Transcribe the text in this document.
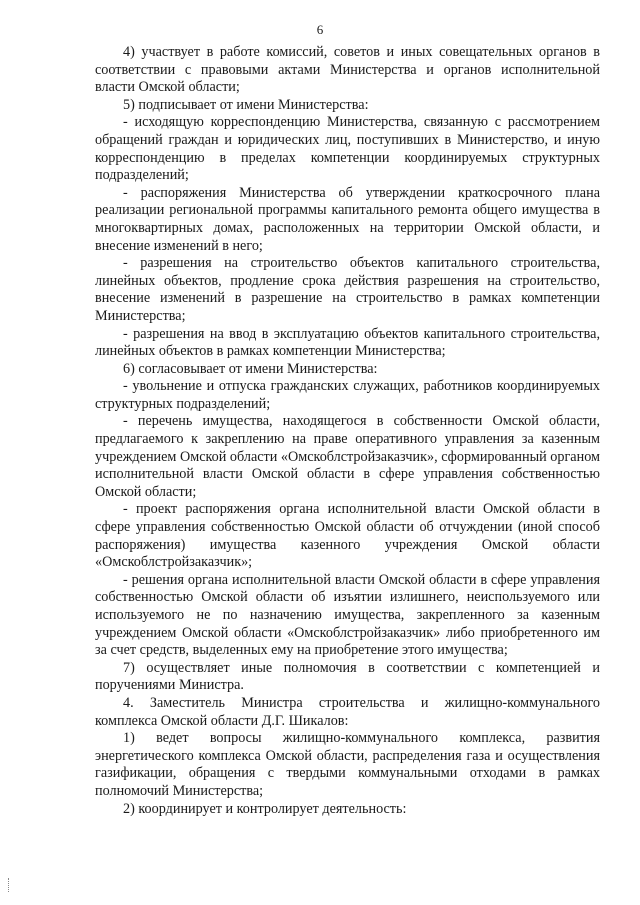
6

4) участвует в работе комиссий, советов и иных совещательных органов в соответствии с правовыми актами Министерства и органов исполнительной власти Омской области;

5) подписывает от имени Министерства:

- исходящую корреспонденцию Министерства, связанную с рассмотрением обращений граждан и юридических лиц, поступивших в Министерство, и иную корреспонденцию в пределах компетенции координируемых структурных подразделений;

- распоряжения Министерства об утверждении краткосрочного плана реализации региональной программы капитального ремонта общего имущества в многоквартирных домах, расположенных на территории Омской области, и внесение изменений в него;

- разрешения на строительство объектов капитального строительства, линейных объектов, продление срока действия разрешения на строительство, внесение изменений в разрешение на строительство в рамках компетенции Министерства;

- разрешения на ввод в эксплуатацию объектов капитального строительства, линейных объектов в рамках компетенции Министерства;

6) согласовывает от имени Министерства:

- увольнение и отпуска гражданских служащих, работников координируемых структурных подразделений;

- перечень имущества, находящегося в собственности Омской области, предлагаемого к закреплению на праве оперативного управления за казенным учреждением Омской области «Омскоблстройзаказчик», сформированный органом исполнительной власти Омской области в сфере управления собственностью Омской области;

- проект распоряжения органа исполнительной власти Омской области в сфере управления собственностью Омской области об отчуждении (иной способ распоряжения) имущества казенного учреждения Омской области «Омскоблстройзаказчик»;

- решения органа исполнительной власти Омской области в сфере управления собственностью Омской области об изъятии излишнего, неиспользуемого или используемого не по назначению имущества, закрепленного за казенным учреждением Омской области «Омскоблстройзаказчик» либо приобретенного им за счет средств, выделенных ему на приобретение этого имущества;

7) осуществляет иные полномочия в соответствии с компетенцией и поручениями Министра.

4. Заместитель Министра строительства и жилищно-коммунального комплекса Омской области Д.Г. Шикалов:

1) ведет вопросы жилищно-коммунального комплекса, развития энергетического комплекса Омской области, распределения газа и осуществления газификации, обращения с твердыми коммунальными отходами в рамках полномочий Министерства;

2) координирует и контролирует деятельность:
